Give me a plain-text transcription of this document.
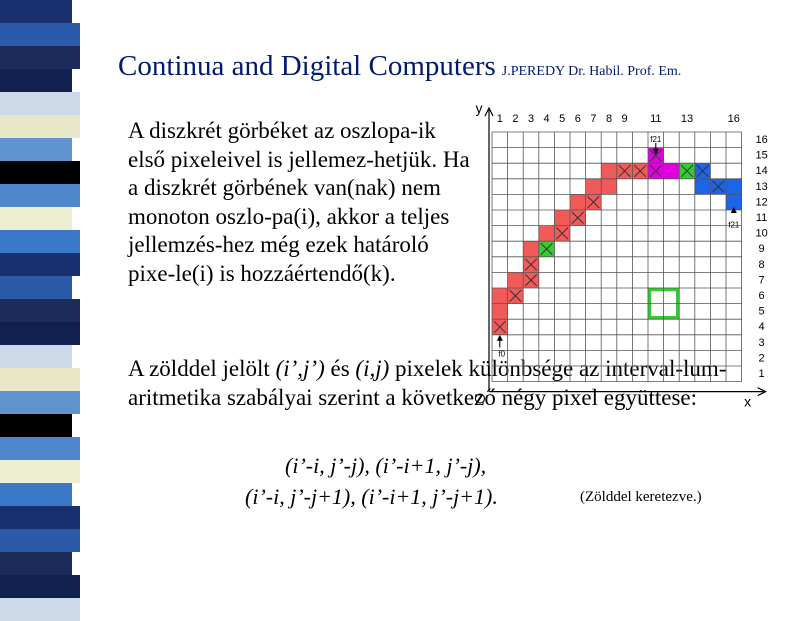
Continua and Digital Computers J.PEREDY Dr. Habil. Prof. Em.
A diszkrét görbéket az oszlopa-ik első pixeleivel is jellemez-hetjük. Ha a diszkrét görbének van(nak) nem monoton oszlo-pa(i), akkor a teljes jellemzés-hez még ezek határoló pixe-le(i) is hozzáértendő(k).
A zölddel jelölt (i’,j’) és (i,j) pixelek különbsége az interval-lum-aritmetika szabályai szerint a következő négy pixel együttese:
(i’-i, j’-j), (i’-i+1, j’-j),
(i’-i, j’-j+1), (i’-i+1, j’-j+1).	(Zölddel keretezve.)
y
x
1 2 3 4 5 6 7 8 9 11 13	16
16
15
14
13
12
11
10
9
8
7
6
5
4
3
2
1
f0
f21
f21
